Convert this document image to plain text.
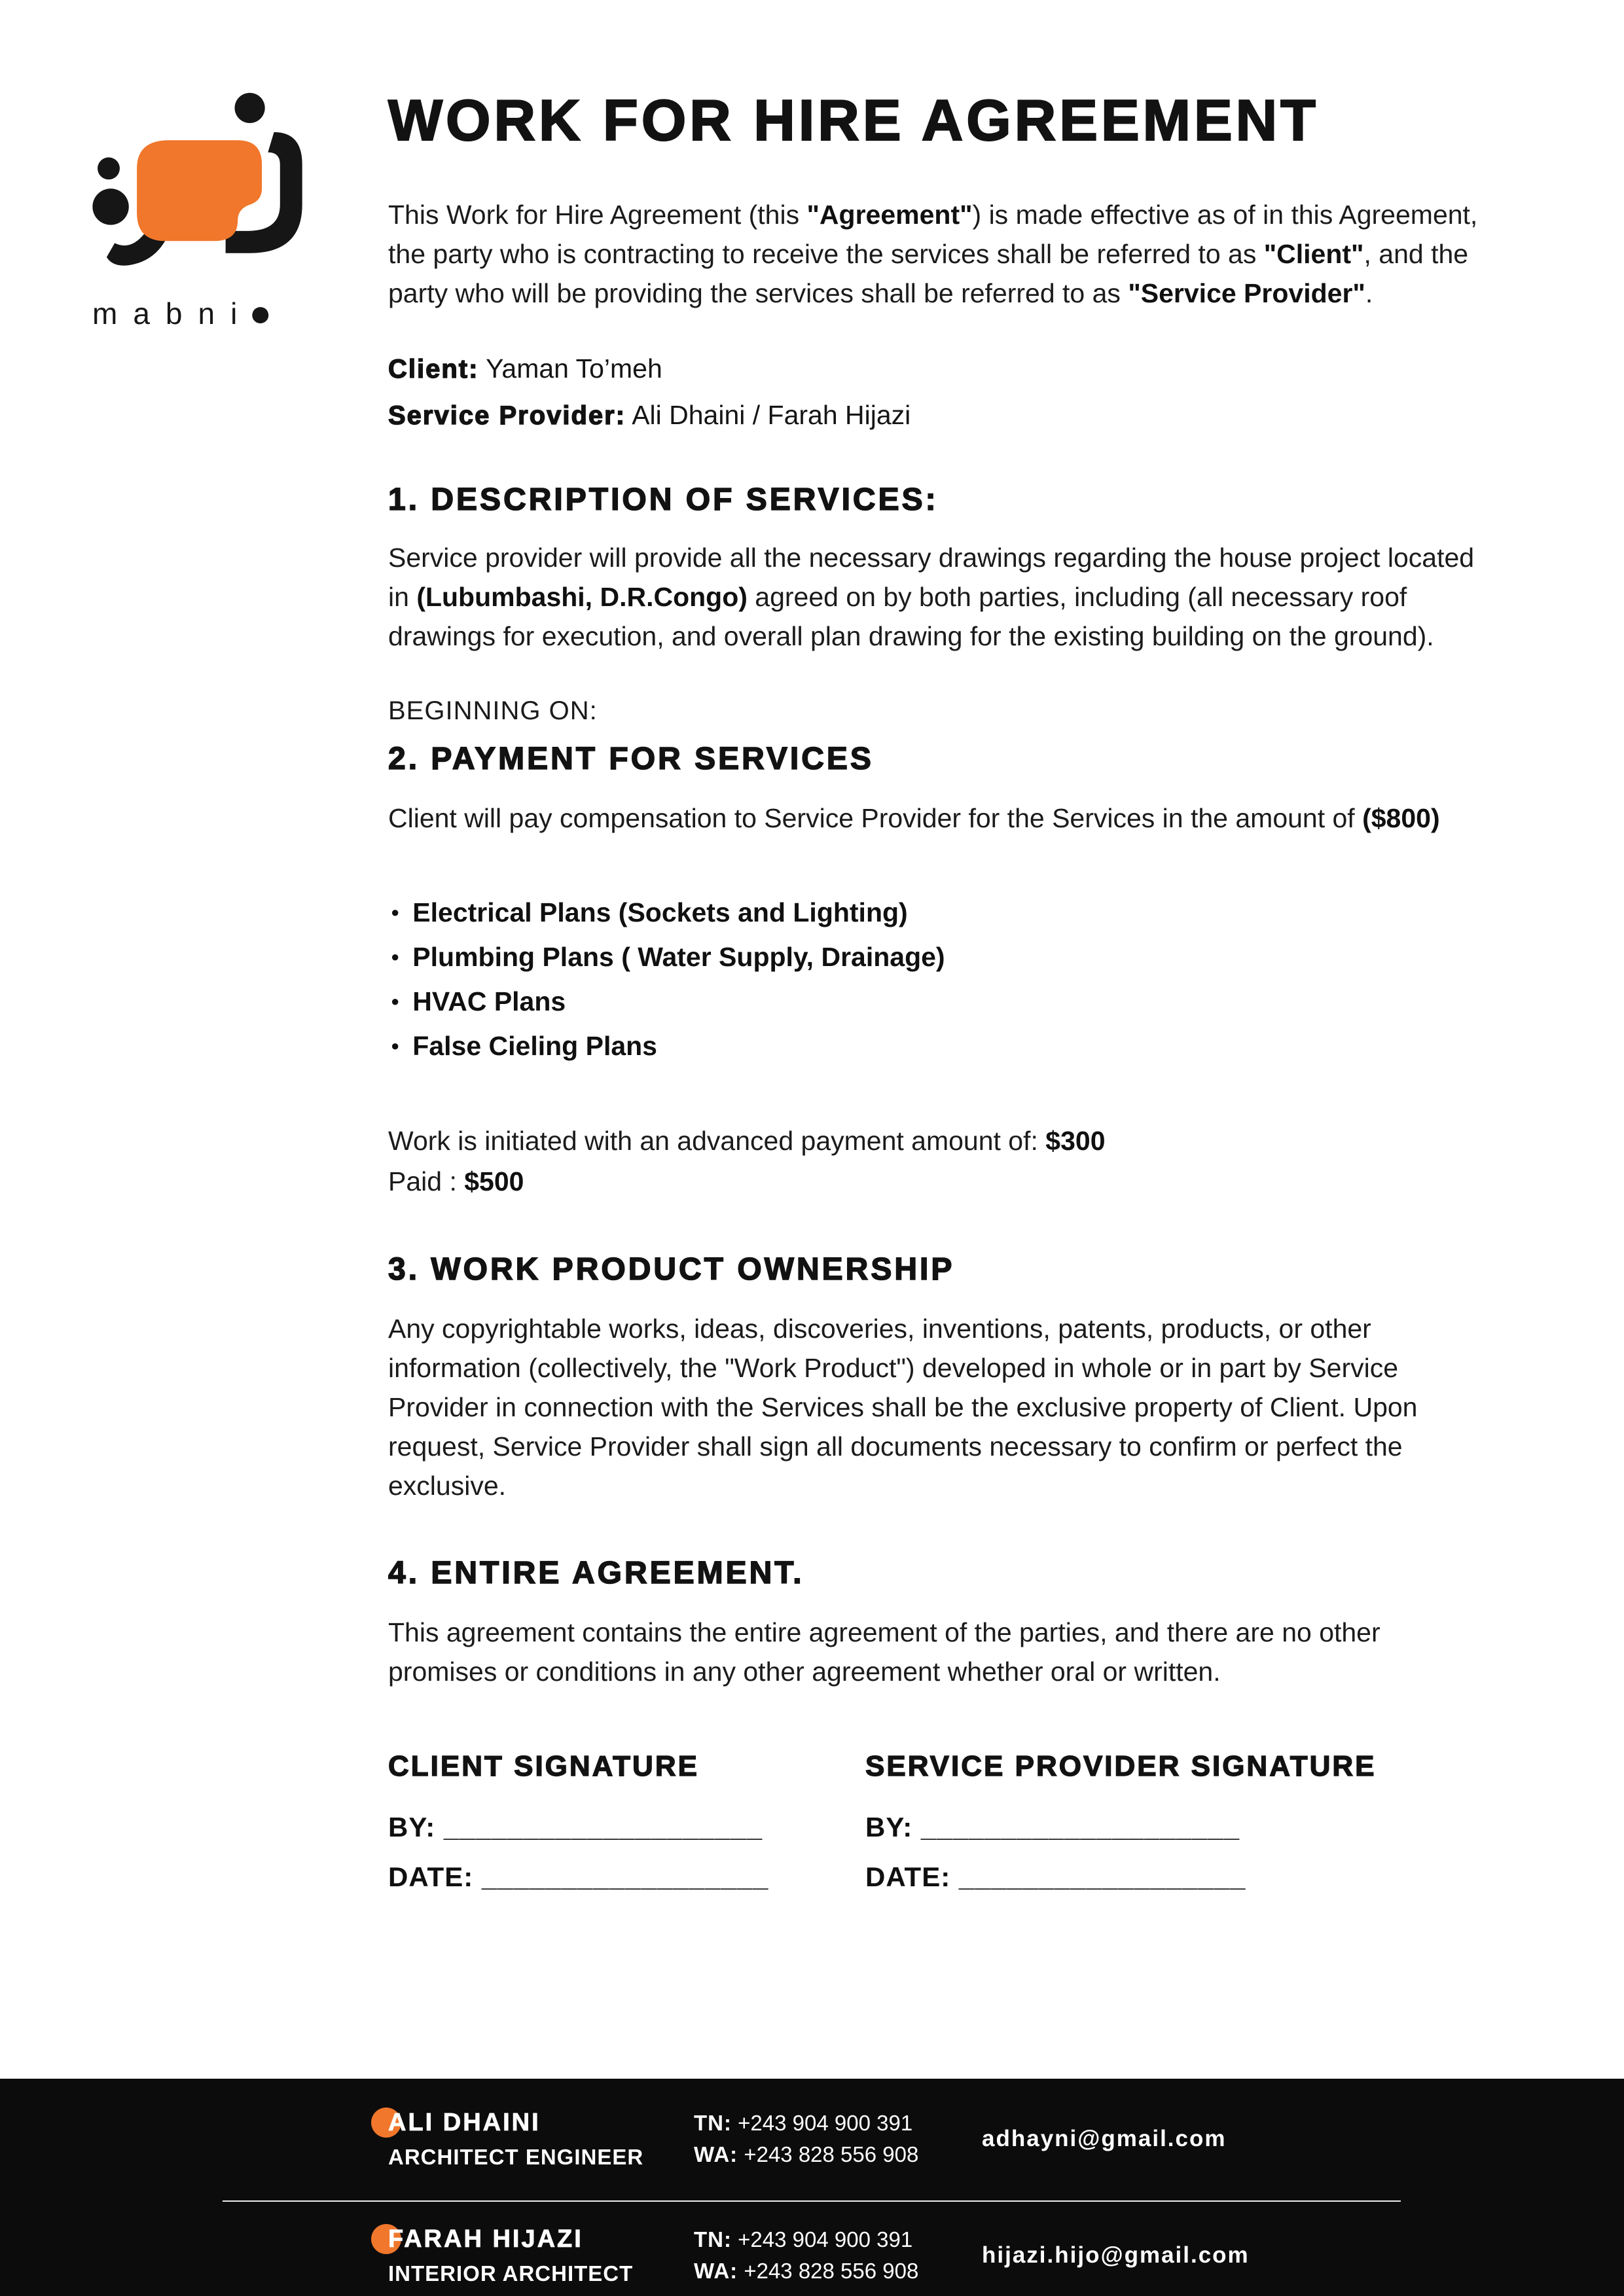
mabni
●
WORK FOR HIRE AGREEMENT

This Work for Hire Agreement (this "Agreement") is made effective as of in this Agreement, the party who is contracting to receive the services shall be referred to as "Client", and the party who will be providing the services shall be referred to as "Service Provider".

Client: Yaman To’meh
Service Provider: Ali Dhaini / Farah Hijazi
1. DESCRIPTION OF SERVICES:

Service provider will provide all the necessary drawings regarding the house project located in (Lubumbashi, D.R.Congo) agreed on by both parties, including (all necessary roof drawings for execution, and overall plan drawing for the existing building on the ground).

BEGINNING ON:

2. PAYMENT FOR SERVICES

Client will pay compensation to Service Provider for the Services in the amount of ($800)

● Electrical Plans (Sockets and Lighting)
● Plumbing Plans ( Water Supply, Drainage)
● HVAC Plans
● False Cieling Plans

Work is initiated with an advanced payment amount of: $300

Paid : $500

3. WORK PRODUCT OWNERSHIP

Any copyrightable works, ideas, discoveries, inventions, patents, products, or other information (collectively, the "Work Product") developed in whole or in part by Service Provider in connection with the Services shall be the exclusive property of Client. Upon request, Service Provider shall sign all documents necessary to confirm or perfect the exclusive.

4. ENTIRE AGREEMENT.

This agreement contains the entire agreement of the parties, and there are no other promises or conditions in any other agreement whether oral or written.

CLIENT SIGNATURE

BY: ____________________

DATE: __________________

SERVICE PROVIDER SIGNATURE

BY: ____________________

DATE: __________________

ALI DHAINI
ARCHITECT ENGINEER
TN: +243 904 900 391
WA: +243 828 556 908
adhayni@gmail.com
FARAH HIJAZI
INTERIOR ARCHITECT
TN: +243 904 900 391
WA: +243 828 556 908
hijazi.hijo@gmail.com
